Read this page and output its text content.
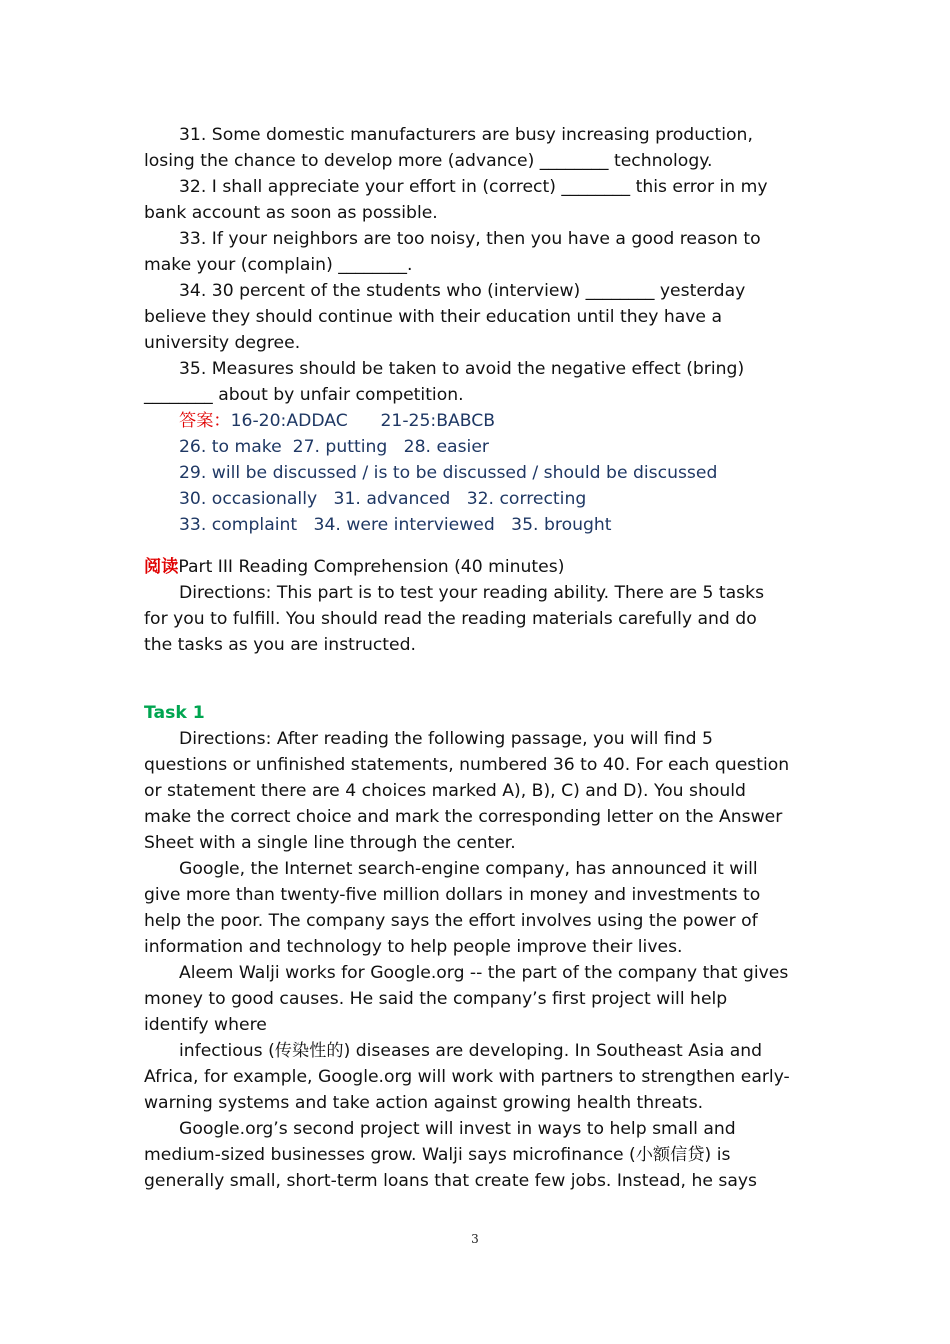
31. Some domestic manufacturers are busy increasing production,

losing the chance to develop more (advance) ________ technology.

32. I shall appreciate your effort in (correct) ________ this error in my

bank account as soon as possible.

33. If your neighbors are too noisy, then you have a good reason to

make your (complain) ________.

34. 30 percent of the students who (interview) ________ yesterday

believe they should continue with their education until they have a

university degree.

35. Measures should be taken to avoid the negative effect (bring)

________ about by unfair competition.

答案：16-20:ADDAC      21-25:BABCB

26. to make  27. putting   28. easier

29. will be discussed / is to be discussed / should be discussed

30. occasionally   31. advanced   32. correcting

33. complaint   34. were interviewed   35. brought

阅读Part III Reading Comprehension (40 minutes)

Directions: This part is to test your reading ability. There are 5 tasks

for you to fulfill. You should read the reading materials carefully and do

the tasks as you are instructed.

Task 1

Directions: After reading the following passage, you will find 5

questions or unfinished statements, numbered 36 to 40. For each question

or statement there are 4 choices marked A), B), C) and D). You should

make the correct choice and mark the corresponding letter on the Answer

Sheet with a single line through the center.

Google, the Internet search-engine company, has announced it will

give more than twenty-five million dollars in money and investments to

help the poor. The company says the effort involves using the power of

information and technology to help people improve their lives.

Aleem Walji works for Google.org -- the part of the company that gives

money to good causes. He said the company’s first project will help

identify where

infectious (传染性的) diseases are developing. In Southeast Asia and

Africa, for example, Google.org will work with partners to strengthen early-

warning systems and take action against growing health threats.

Google.org’s second project will invest in ways to help small and

medium-sized businesses grow. Walji says microfinance (小额信贷) is

generally small, short-term loans that create few jobs. Instead, he says

3
